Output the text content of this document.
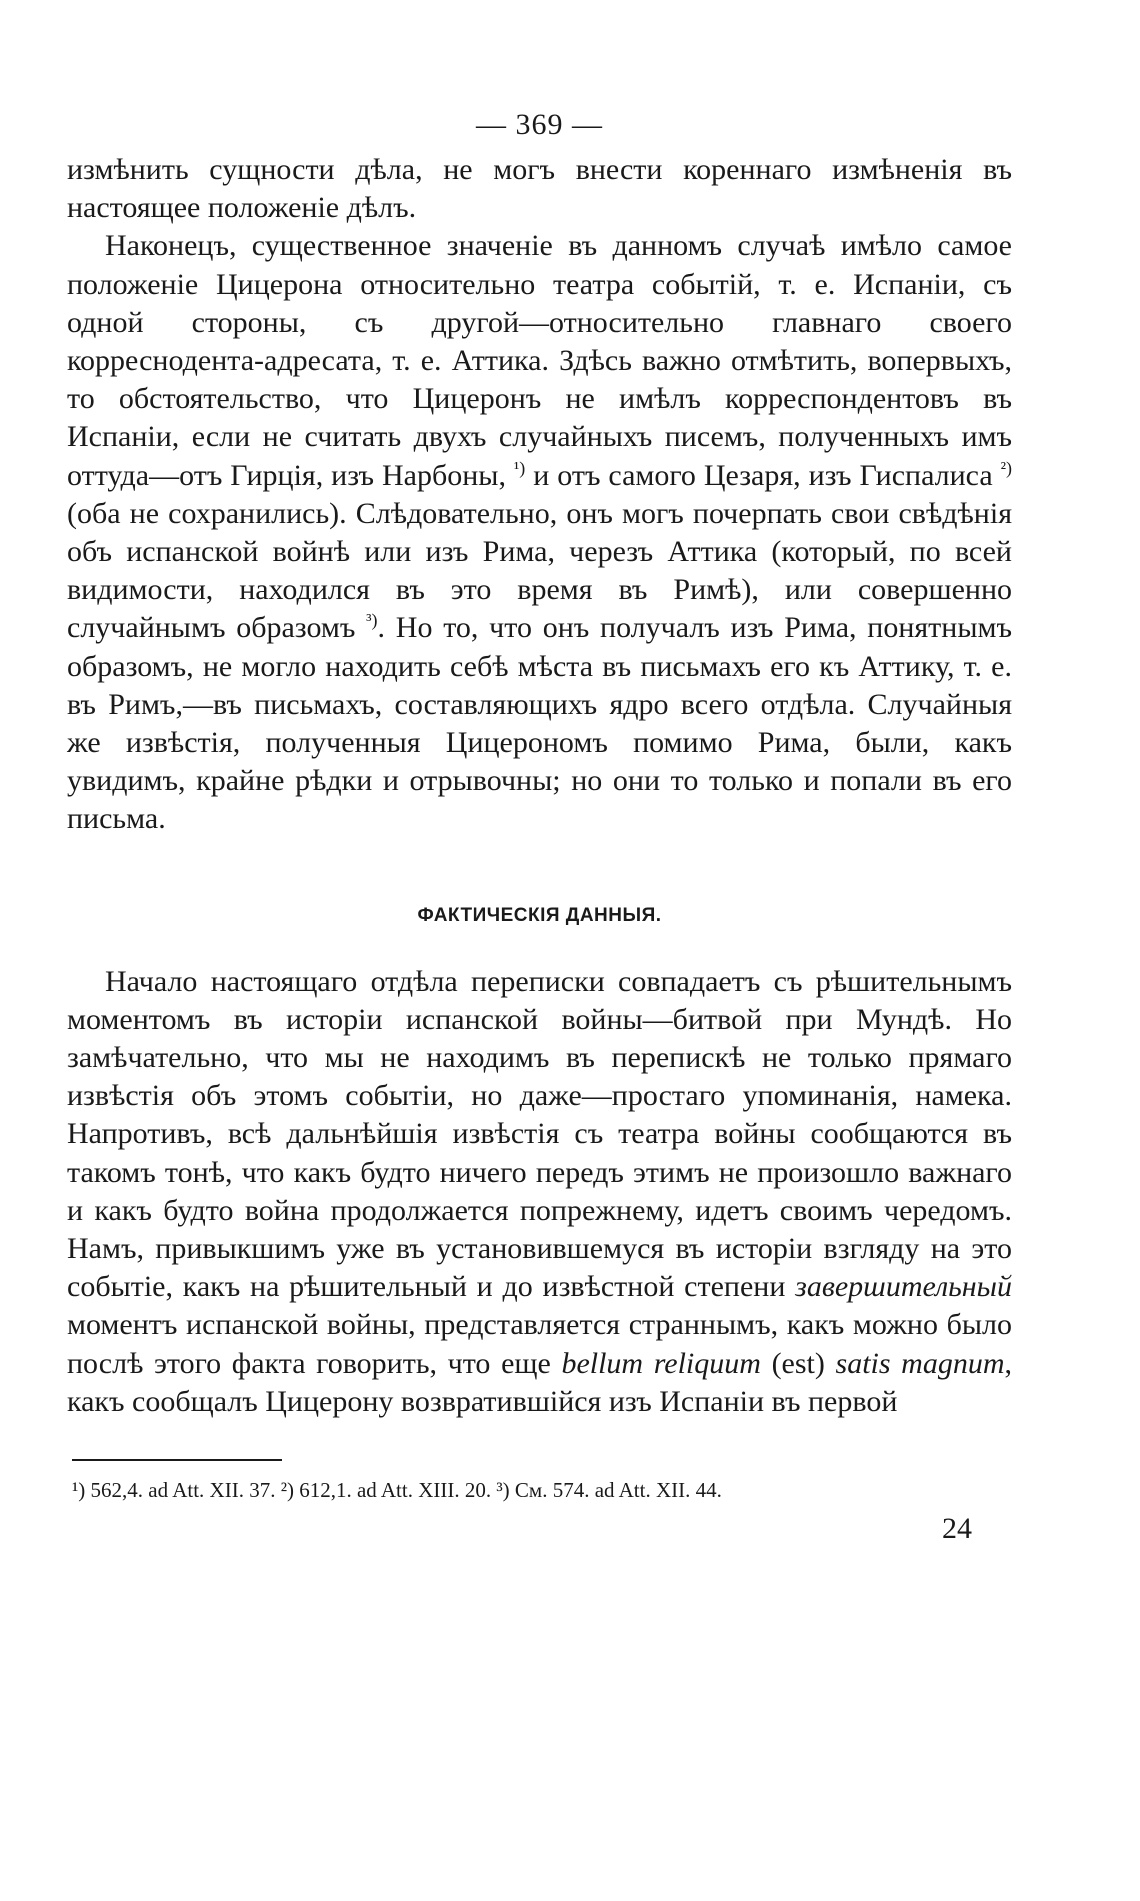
— 369 —

измѣнить сущности дѣла, не могъ внести кореннаго измѣненія въ настоящее положеніе дѣлъ.

Наконецъ, существенное значеніе въ данномъ случаѣ имѣло самое положеніе Цицерона относительно театра событій, т. е. Испаніи, съ одной стороны, съ другой—относительно главнаго своего корреснодента-адресата, т. е. Аттика. Здѣсь важно отмѣтить, вопервыхъ, то обстоятельство, что Цицеронъ не имѣлъ корреспондентовъ въ Испаніи, если не считать двухъ случайныхъ писемъ, полученныхъ имъ оттуда—отъ Гирція, изъ Нарбоны, $^{^1)}$ и отъ самого Цезаря, изъ Гиспалиса $^{^2)}$ (оба не сохранились). Слѣдовательно, онъ могъ почерпать свои свѣдѣнія объ испанской войнѣ или изъ Рима, черезъ Аттика (который, по всей видимости, находился въ это время въ Римѣ), или совершенно случайнымъ образомъ $^{^3)}$. Но то, что онъ получалъ изъ Рима, понятнымъ образомъ, не могло находить себѣ мѣста въ письмахъ его къ Аттику, т. е. въ Римъ,—въ письмахъ, составляющихъ ядро всего отдѣла. Случайныя же извѣстія, полученныя Цицерономъ помимо Рима, были, какъ увидимъ, крайне рѣдки и отрывочны; но они то только и попали въ его письма.

ФАКТИЧЕСКІЯ ДАННЫЯ.

Начало настоящаго отдѣла переписки совпадаетъ съ рѣшительнымъ моментомъ въ исторіи испанской войны—битвой при Мундѣ. Но замѣчательно, что мы не находимъ въ перепискѣ не только прямаго извѣстія объ этомъ событіи, но даже—простаго упоминанія, намека. Напротивъ, всѣ дальнѣйшія извѣстія съ театра войны сообщаются въ такомъ тонѣ, что какъ будто ничего передъ этимъ не произошло важнаго и какъ будто война продолжается попрежнему, идетъ своимъ чередомъ. Намъ, привыкшимъ уже въ установившемуся въ исторіи взгляду на это событіе, какъ на рѣшительный и до извѣстной степени завершительный моментъ испанской войны, представляется страннымъ, какъ можно было послѣ этого факта говорить, что еще bellum reliquum (est) satis magnum, какъ сообщалъ Цицерону возвратившійся изъ Испаніи въ первой

¹) 562,4. ad Att. XII. 37. ²) 612,1. ad Att. XIII. 20. ³) См. 574. ad Att. XII. 44.
24
